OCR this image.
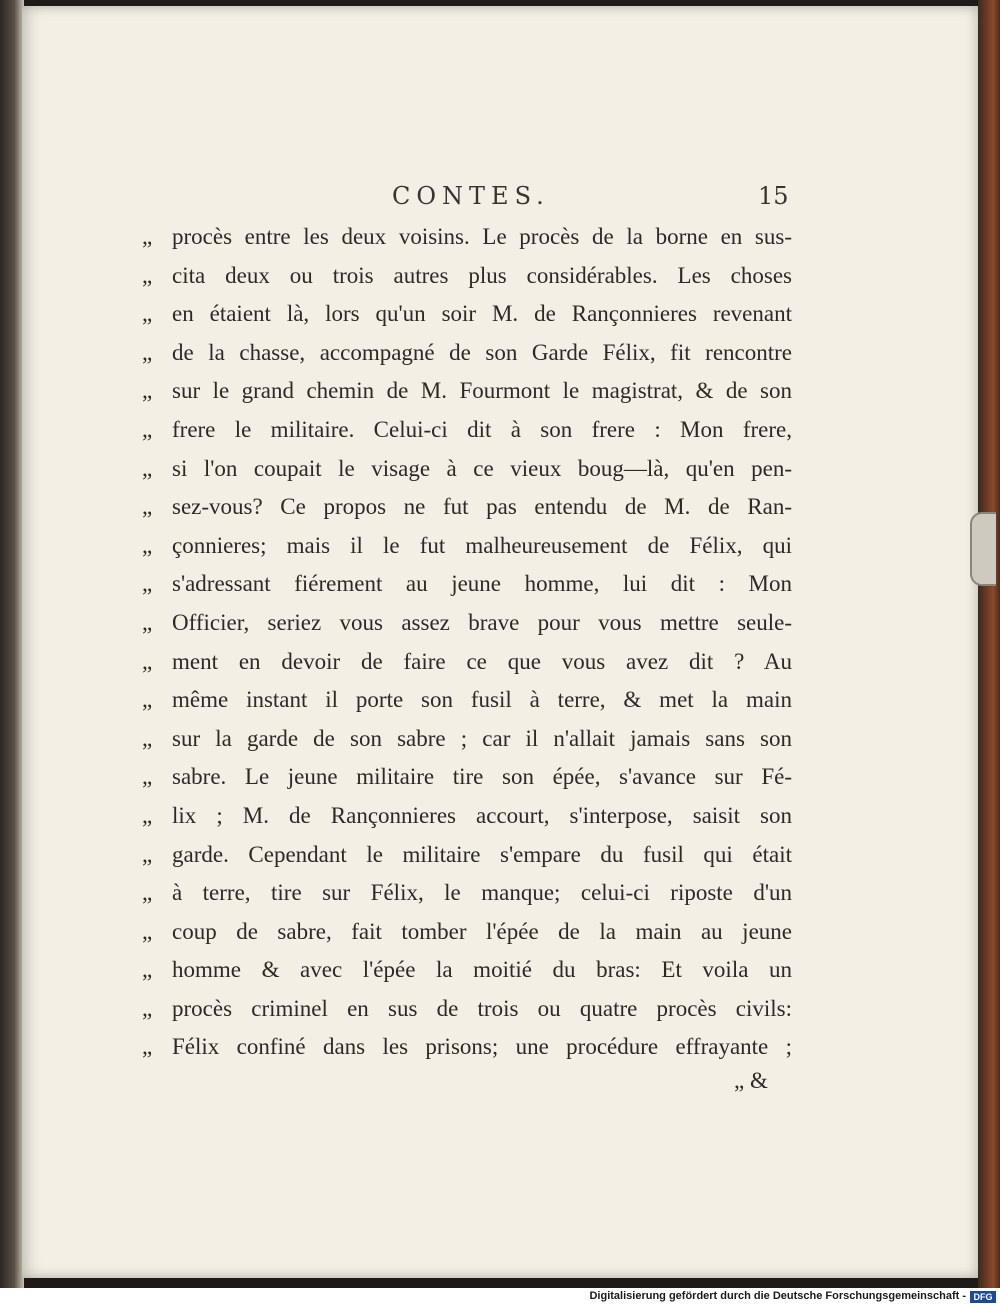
CONTES.	15
„ procès entre les deux voisins. Le procès de la borne en sus-
„ cita deux ou trois autres plus considérables. Les choses
„ en étaient là, lors qu'un soir M. de Rançonnieres revenant
„ de la chasse, accompagné de son Garde Félix, fit rencontre
„ sur le grand chemin de M. Fourmont le magistrat, & de son
„ frere le militaire. Celui-ci dit à son frere : Mon frere,
„ si l'on coupait le visage à ce vieux boug—là, qu'en pen-
„ sez-vous? Ce propos ne fut pas entendu de M. de Ran-
„ çonnieres; mais il le fut malheureusement de Félix, qui
„ s'adressant fiérement au jeune homme, lui dit : Mon
„ Officier, seriez vous assez brave pour vous mettre seule-
„ ment en devoir de faire ce que vous avez dit ? Au
„ même instant il porte son fusil à terre, & met la main
„ sur la garde de son sabre ; car il n'allait jamais sans son
„ sabre. Le jeune militaire tire son épée, s'avance sur Fé-
„ lix ; M. de Rançonnieres accourt, s'interpose, saisit son
„ garde. Cependant le militaire s'empare du fusil qui était
„ à terre, tire sur Félix, le manque; celui-ci riposte d'un
„ coup de sabre, fait tomber l'épée de la main au jeune
„ homme & avec l'épée la moitié du bras: Et voila un
„ procès criminel en sus de trois ou quatre procès civils:
„ Félix confiné dans les prisons; une procédure effrayante ;
„ &
Digitalisierung gefördert durch die Deutsche Forschungsgemeinschaft - DFG
